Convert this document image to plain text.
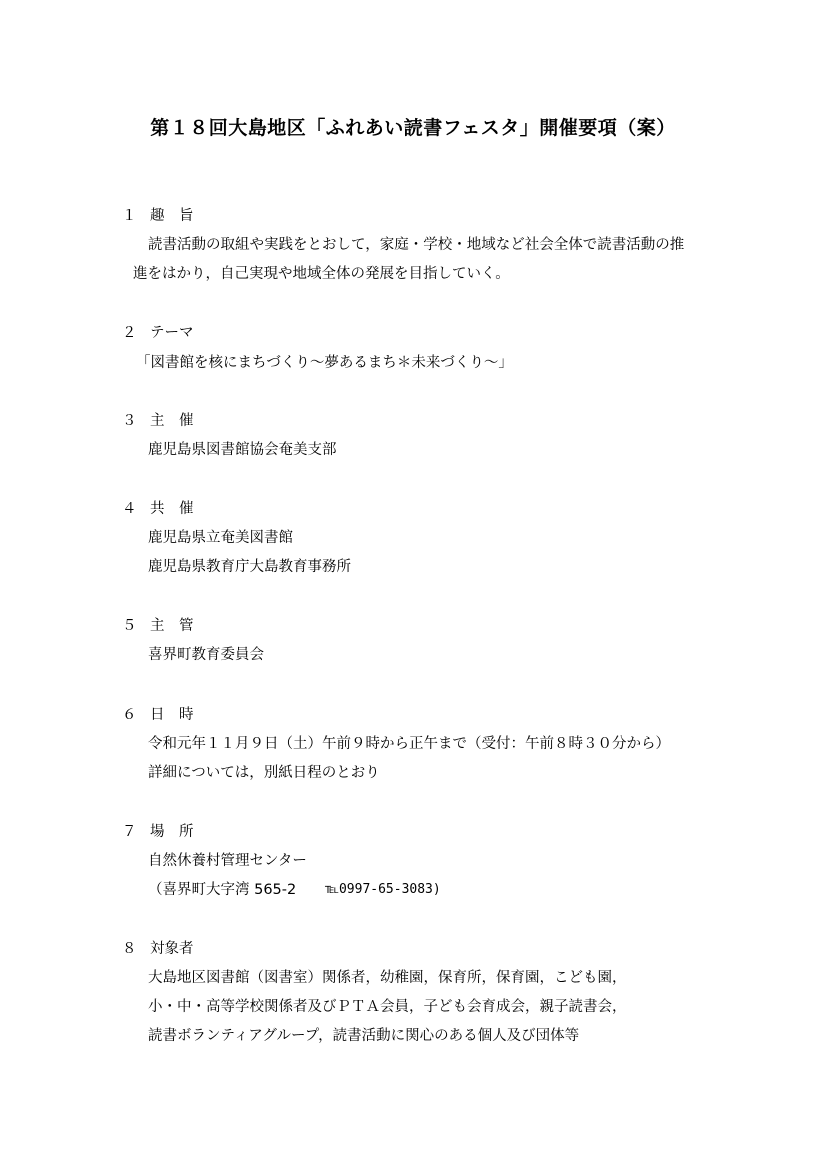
第１８回大島地区「ふれあい読書フェスタ」開催要項（案）
１ 趣　旨
読書活動の取組や実践をとおして，家庭・学校・地域など社会全体で読書活動の推
進をはかり，自己実現や地域全体の発展を目指していく。
２ テーマ
「図書館を核にまちづくり～夢あるまち＊未来づくり～」
３ 主　催
鹿児島県図書館協会奄美支部
４ 共　催
鹿児島県立奄美図書館
鹿児島県教育庁大島教育事務所
５ 主　管
喜界町教育委員会
６ 日　時
令和元年１１月９日（土）午前９時から正午まで（受付：午前８時３０分から）
詳細については，別紙日程のとおり
７ 場　所
自然休養村管理センター
（喜界町大字湾 565-2 ℡0997-65-3083)
８ 対象者
大島地区図書館（図書室）関係者，幼稚園，保育所，保育園，こども園，
小・中・高等学校関係者及びＰＴＡ会員，子ども会育成会，親子読書会，
読書ボランティアグループ，読書活動に関心のある個人及び団体等
